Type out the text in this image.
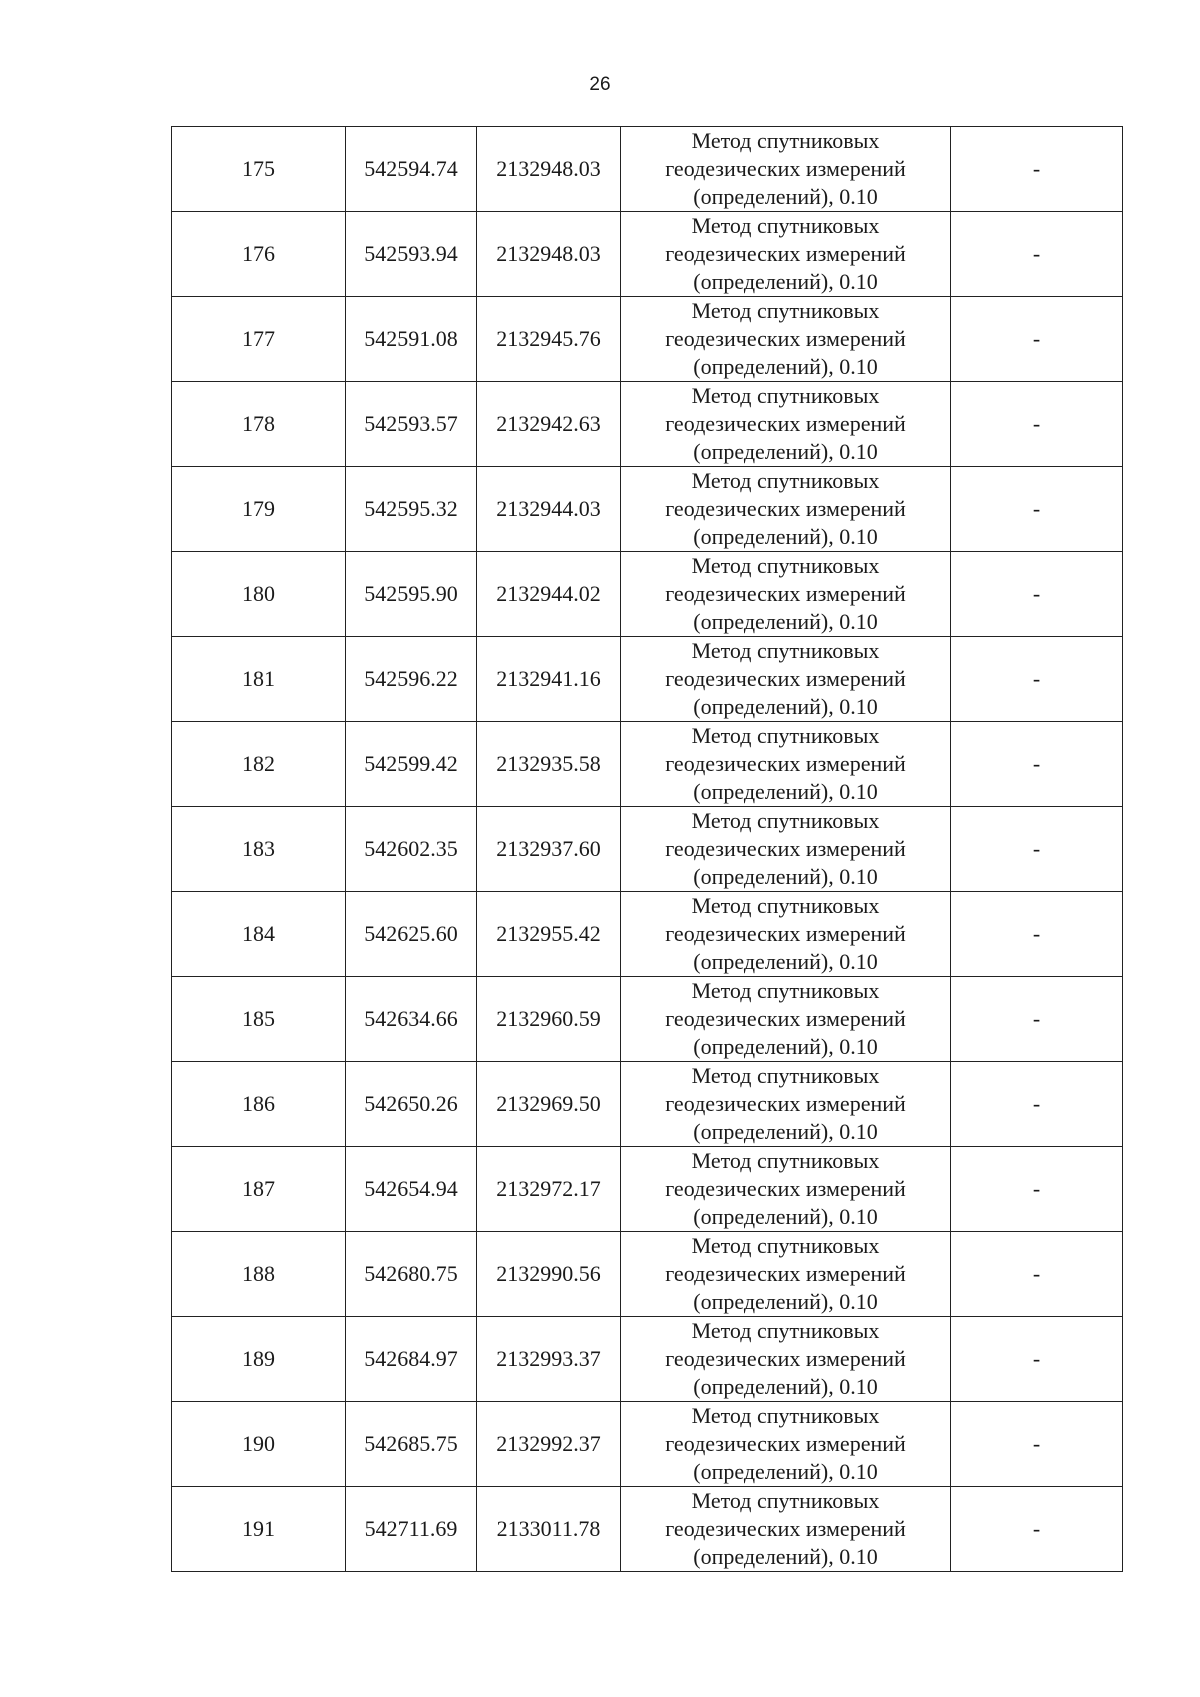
26
175	542594.74	2132948.03	Метод спутниковых
геодезических измерений
(определений), 0.10	-
176	542593.94	2132948.03	Метод спутниковых
геодезических измерений
(определений), 0.10	-
177	542591.08	2132945.76	Метод спутниковых
геодезических измерений
(определений), 0.10	-
178	542593.57	2132942.63	Метод спутниковых
геодезических измерений
(определений), 0.10	-
179	542595.32	2132944.03	Метод спутниковых
геодезических измерений
(определений), 0.10	-
180	542595.90	2132944.02	Метод спутниковых
геодезических измерений
(определений), 0.10	-
181	542596.22	2132941.16	Метод спутниковых
геодезических измерений
(определений), 0.10	-
182	542599.42	2132935.58	Метод спутниковых
геодезических измерений
(определений), 0.10	-
183	542602.35	2132937.60	Метод спутниковых
геодезических измерений
(определений), 0.10	-
184	542625.60	2132955.42	Метод спутниковых
геодезических измерений
(определений), 0.10	-
185	542634.66	2132960.59	Метод спутниковых
геодезических измерений
(определений), 0.10	-
186	542650.26	2132969.50	Метод спутниковых
геодезических измерений
(определений), 0.10	-
187	542654.94	2132972.17	Метод спутниковых
геодезических измерений
(определений), 0.10	-
188	542680.75	2132990.56	Метод спутниковых
геодезических измерений
(определений), 0.10	-
189	542684.97	2132993.37	Метод спутниковых
геодезических измерений
(определений), 0.10	-
190	542685.75	2132992.37	Метод спутниковых
геодезических измерений
(определений), 0.10	-
191	542711.69	2133011.78	Метод спутниковых
геодезических измерений
(определений), 0.10	-
